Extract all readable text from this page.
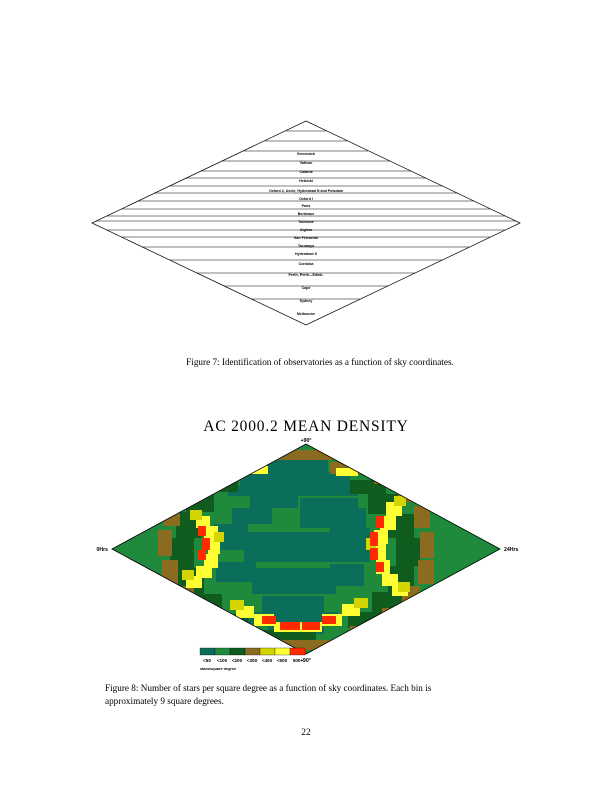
Greenwich
Vatican
Catania
Helsinki
Oxford 2, Uccle, Hyderabad N and Potsdam
Oxford I
Paris
Bordeaux
Toulouse
Algiers
San Fernando
Tacubaya
Hyderabad S
Cordoba
Perth, Perth—Edinb.
Cape
Sydney
Melbourne
Figure 7: Identification of observatories as a function of sky coordinates.
AC 2000.2 MEAN DENSITY
+90°
-90°
0Hrs	24Hrs
<50 <100 <200 <300 <400 <500 500+
stars/square degree
Figure 8: Number of stars per square degree as a function of sky coordinates. Each bin is
approximately 9 square degrees.
22
